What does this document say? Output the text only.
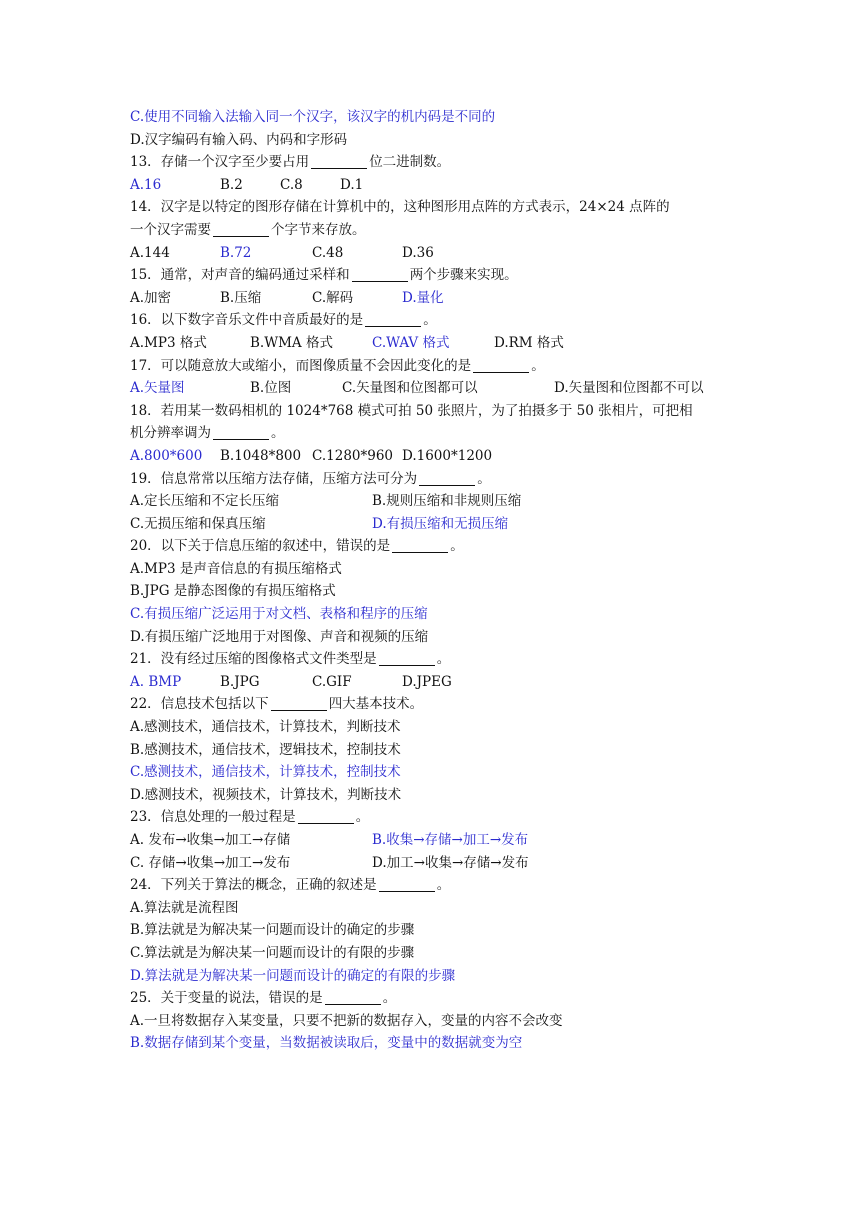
C.使用不同输入法输入同一个汉字，该汉字的机内码是不同的
D.汉字编码有输入码、内码和字形码
13．存储一个汉字至少要占用	位二进制数。
A.16	B.2	C.8	D.1
14．汉字是以特定的图形存储在计算机中的，这种图形用点阵的方式表示，24×24 点阵的
一个汉字需要	个字节来存放。
A.144	B.72	C.48	D.36
15．通常，对声音的编码通过采样和	两个步骤来实现。
A.加密	B.压缩	C.解码	D.量化
16．以下数字音乐文件中音质最好的是	。
A.MP3 格式	B.WMA 格式	C.WAV 格式	D.RM 格式
17．可以随意放大或缩小，而图像质量不会因此变化的是	。
A.矢量图	B.位图	C.矢量图和位图都可以	D.矢量图和位图都不可以
18．若用某一数码相机的 1024*768 模式可拍 50 张照片，为了拍摄多于 50 张相片，可把相
机分辨率调为	。
A.800*600 B.1048*800 C.1280*960 D.1600*1200
19．信息常常以压缩方法存储，压缩方法可分为	。
A.定长压缩和不定长压缩	B.规则压缩和非规则压缩
C.无损压缩和保真压缩	D.有损压缩和无损压缩
20．以下关于信息压缩的叙述中，错误的是	。
A.MP3 是声音信息的有损压缩格式
B.JPG 是静态图像的有损压缩格式
C.有损压缩广泛运用于对文档、表格和程序的压缩
D.有损压缩广泛地用于对图像、声音和视频的压缩
21．没有经过压缩的图像格式文件类型是	。
A. BMP	B.JPG	C.GIF	D.JPEG
22．信息技术包括以下	四大基本技术。
A.感测技术，通信技术，计算技术，判断技术
B.感测技术，通信技术，逻辑技术，控制技术
C.感测技术，通信技术，计算技术，控制技术
D.感测技术，视频技术，计算技术，判断技术
23．信息处理的一般过程是	。
A. 发布→收集→加工→存储	B.收集→存储→加工→发布
C. 存储→收集→加工→发布	D.加工→收集→存储→发布
24．下列关于算法的概念，正确的叙述是	。
A.算法就是流程图
B.算法就是为解决某一问题而设计的确定的步骤
C.算法就是为解决某一问题而设计的有限的步骤
D.算法就是为解决某一问题而设计的确定的有限的步骤
25．关于变量的说法，错误的是	。
A.一旦将数据存入某变量，只要不把新的数据存入，变量的内容不会改变
B.数据存储到某个变量，当数据被读取后，变量中的数据就变为空
